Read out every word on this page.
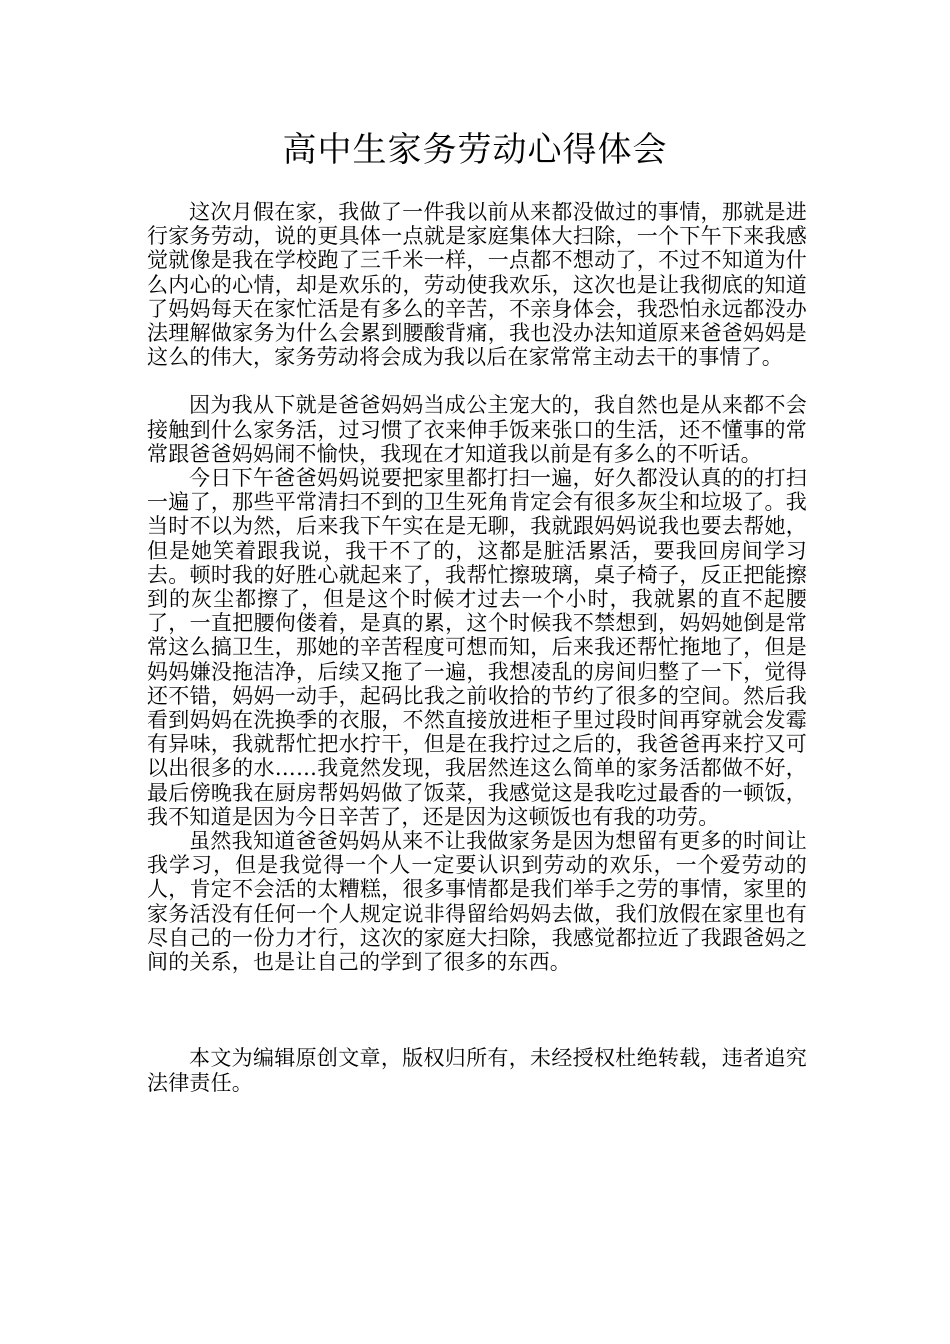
高中生家务劳动心得体会

这次月假在家，我做了一件我以前从来都没做过的事情，那就是进行家务劳动，说的更具体一点就是家庭集体大扫除，一个下午下来我感觉就像是我在学校跑了三千米一样，一点都不想动了，不过不知道为什么内心的心情，却是欢乐的，劳动使我欢乐，这次也是让我彻底的知道了妈妈每天在家忙活是有多么的辛苦，不亲身体会，我恐怕永远都没办法理解做家务为什么会累到腰酸背痛，我也没办法知道原来爸爸妈妈是这么的伟大，家务劳动将会成为我以后在家常常主动去干的事情了。

因为我从下就是爸爸妈妈当成公主宠大的，我自然也是从来都不会接触到什么家务活，过习惯了衣来伸手饭来张口的生活，还不懂事的常常跟爸爸妈妈闹不愉快，我现在才知道我以前是有多么的不听话。

今日下午爸爸妈妈说要把家里都打扫一遍，好久都没认真的的打扫一遍了，那些平常清扫不到的卫生死角肯定会有很多灰尘和垃圾了。我当时不以为然，后来我下午实在是无聊，我就跟妈妈说我也要去帮她，但是她笑着跟我说，我干不了的，这都是脏活累活，要我回房间学习去。顿时我的好胜心就起来了，我帮忙擦玻璃，桌子椅子，反正把能擦到的灰尘都擦了，但是这个时候才过去一个小时，我就累的直不起腰了，一直把腰佝偻着，是真的累，这个时候我不禁想到，妈妈她倒是常常这么搞卫生，那她的辛苦程度可想而知，后来我还帮忙拖地了，但是妈妈嫌没拖洁净，后续又拖了一遍，我想凌乱的房间归整了一下，觉得还不错，妈妈一动手，起码比我之前收拾的节约了很多的空间。然后我看到妈妈在洗换季的衣服，不然直接放进柜子里过段时间再穿就会发霉有异味，我就帮忙把水拧干，但是在我拧过之后的，我爸爸再来拧又可以出很多的水……我竟然发现，我居然连这么简单的家务活都做不好，最后傍晚我在厨房帮妈妈做了饭菜，我感觉这是我吃过最香的一顿饭，我不知道是因为今日辛苦了，还是因为这顿饭也有我的功劳。

虽然我知道爸爸妈妈从来不让我做家务是因为想留有更多的时间让我学习，但是我觉得一个人一定要认识到劳动的欢乐，一个爱劳动的人，肯定不会活的太糟糕，很多事情都是我们举手之劳的事情，家里的家务活没有任何一个人规定说非得留给妈妈去做，我们放假在家里也有尽自己的一份力才行，这次的家庭大扫除，我感觉都拉近了我跟爸妈之间的关系，也是让自己的学到了很多的东西。

本文为编辑原创文章，版权归所有，未经授权杜绝转载，违者追究法律责任。
